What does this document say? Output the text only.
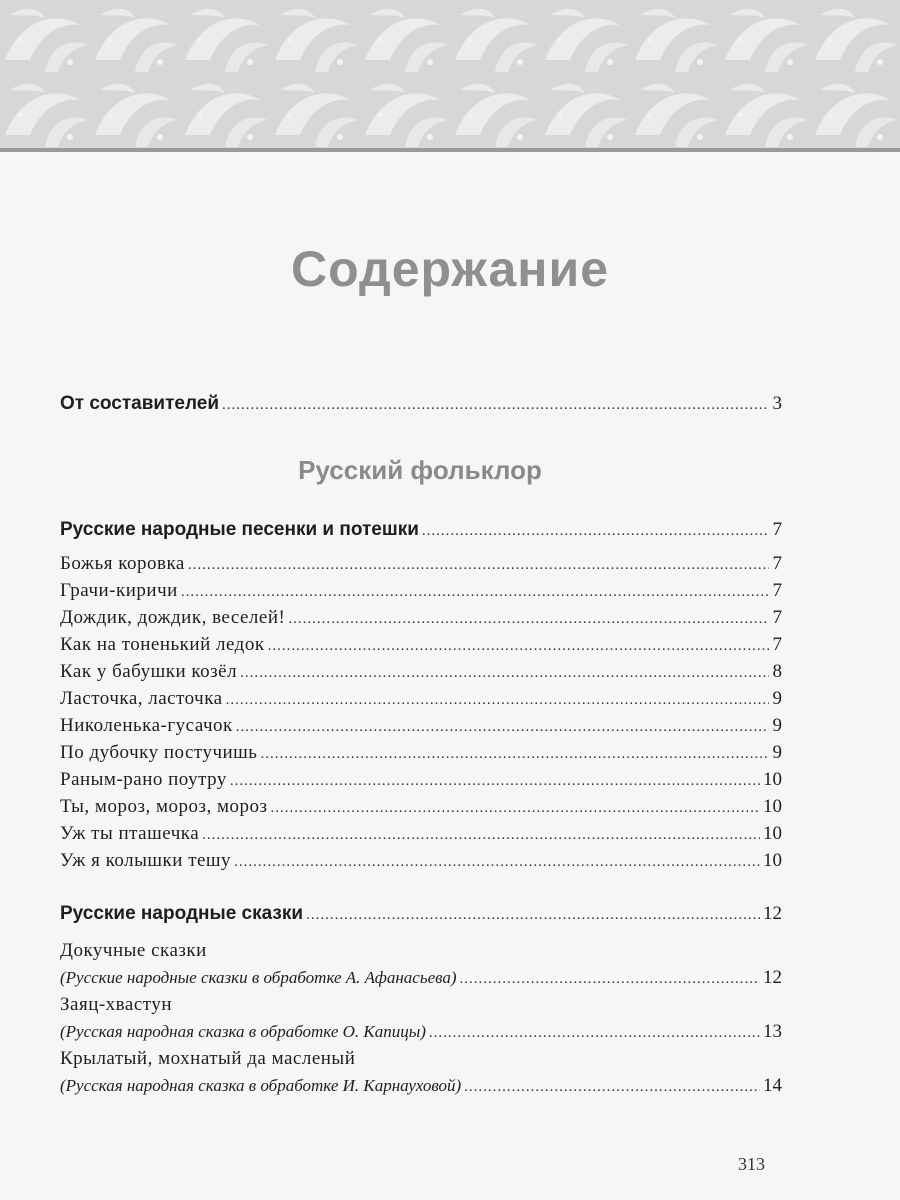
Содержание
От составителей .....	3
Русский фольклор
Русские народные песенки и потешки .....	7
Божья коровка .....	7
Грачи-киричи .....	7
Дождик, дождик, веселей! .....	7
Как на тоненький ледок .....	7
Как у бабушки козёл .....	8
Ласточка, ласточка .....	9
Николенька-гусачок .....	9
По дубочку постучишь .....	9
Раным-рано поутру .....	10
Ты, мороз, мороз, мороз .....	10
Уж ты пташечка .....	10
Уж я колышки тешу .....	10
Русские народные сказки .....	12
Докучные сказки
(Русские народные сказки в обработке А. Афанасьева) .....	12
Заяц-хвастун
(Русская народная сказка в обработке О. Капицы) .....	13
Крылатый, мохнатый да масленый
(Русская народная сказка в обработке И. Карнауховой) .....	14
313
